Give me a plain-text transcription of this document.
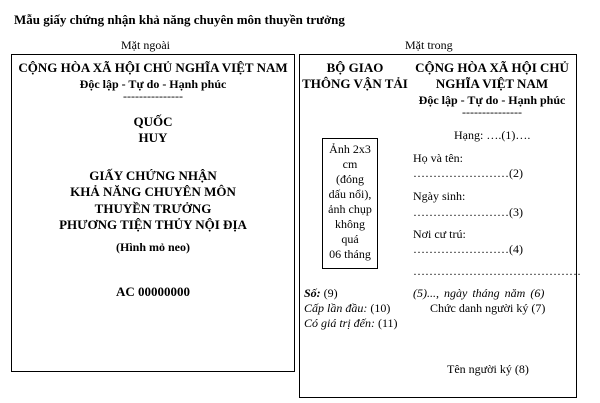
Mẫu giấy chứng nhận khả năng chuyên môn thuyền trưởng
Mặt ngoài	Mặt trong
CỘNG HÒA XÃ HỘI CHỦ NGHĨA VIỆT NAM
Độc lập - Tự do - Hạnh phúc
---------------
QUỐC
HUY
GIẤY CHỨNG NHẬN
KHẢ NĂNG CHUYÊN MÔN
THUYỀN TRƯỞNG
PHƯƠNG TIỆN THỦY NỘI ĐỊA
(Hình mỏ neo)
AC 00000000
BỘ GIAO
THÔNG VẬN TẢI
CỘNG HÒA XÃ HỘI CHỦ
NGHĨA VIỆT NAM
Độc lập - Tự do - Hạnh phúc
---------------
Ảnh 2x3
cm
(đóng
dấu nổi),
ảnh chụp
không
quá
06 tháng
Hạng: ….(1)….
Họ và tên:
……………………(2)
Ngày sinh:
……………………(3)
Nơi cư trú:
……………………(4)
……………………………………
Số: (9)	(5)..., ngày tháng năm (6)
Cấp lần đầu: (10)	Chức danh người ký (7)
Có giá trị đến: (11)
Tên người ký (8)
